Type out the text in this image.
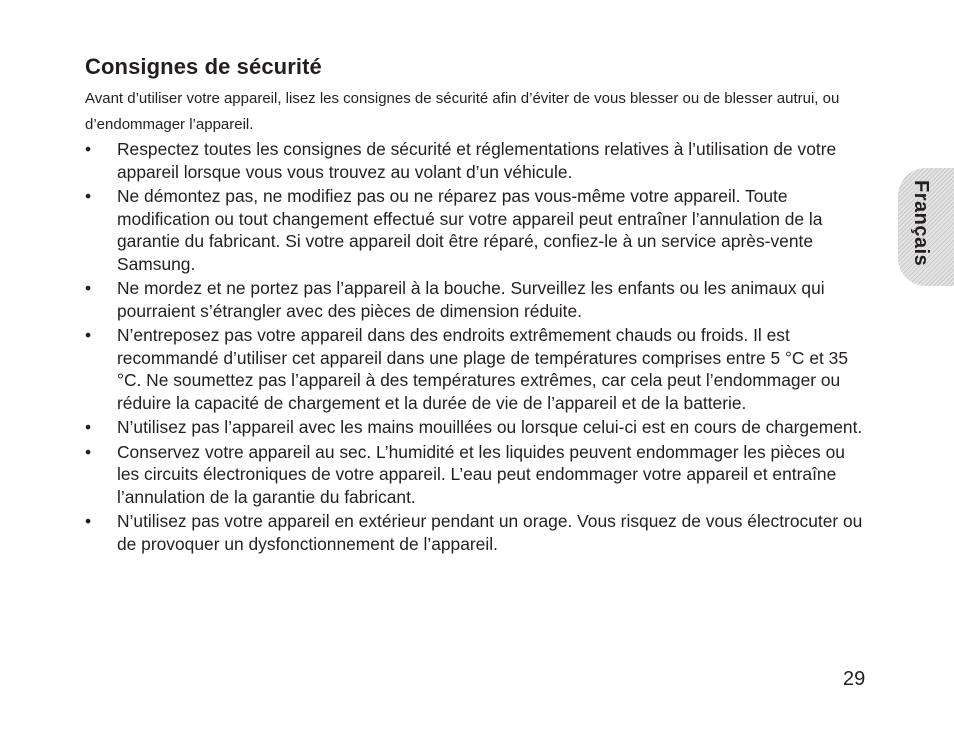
Consignes de sécurité

Avant d’utiliser votre appareil, lisez les consignes de sécurité afin d’éviter de vous blesser ou de blesser autrui, ou d’endommager l’appareil.

• Respectez toutes les consignes de sécurité et réglementations relatives à l’utilisation de votre appareil lorsque vous vous trouvez au volant d’un véhicule.
• Ne démontez pas, ne modifiez pas ou ne réparez pas vous-même votre appareil. Toute modification ou tout changement effectué sur votre appareil peut entraîner l’annulation de la garantie du fabricant. Si votre appareil doit être réparé, confiez-le à un service après-vente Samsung.
• Ne mordez et ne portez pas l’appareil à la bouche. Surveillez les enfants ou les animaux qui pourraient s’étrangler avec des pièces de dimension réduite.
• N’entreposez pas votre appareil dans des endroits extrêmement chauds ou froids. Il est recommandé d’utiliser cet appareil dans une plage de températures comprises entre 5 °C et 35 °C. Ne soumettez pas l’appareil à des températures extrêmes, car cela peut l’endommager ou réduire la capacité de chargement et la durée de vie de l’appareil et de la batterie.
• N’utilisez pas l’appareil avec les mains mouillées ou lorsque celui-ci est en cours de chargement.
• Conservez votre appareil au sec. L’humidité et les liquides peuvent endommager les pièces ou les circuits électroniques de votre appareil. L’eau peut endommager votre appareil et entraîne l’annulation de la garantie du fabricant.
• N’utilisez pas votre appareil en extérieur pendant un orage. Vous risquez de vous électrocuter ou de provoquer un dysfonctionnement de l’appareil.
Français
29
